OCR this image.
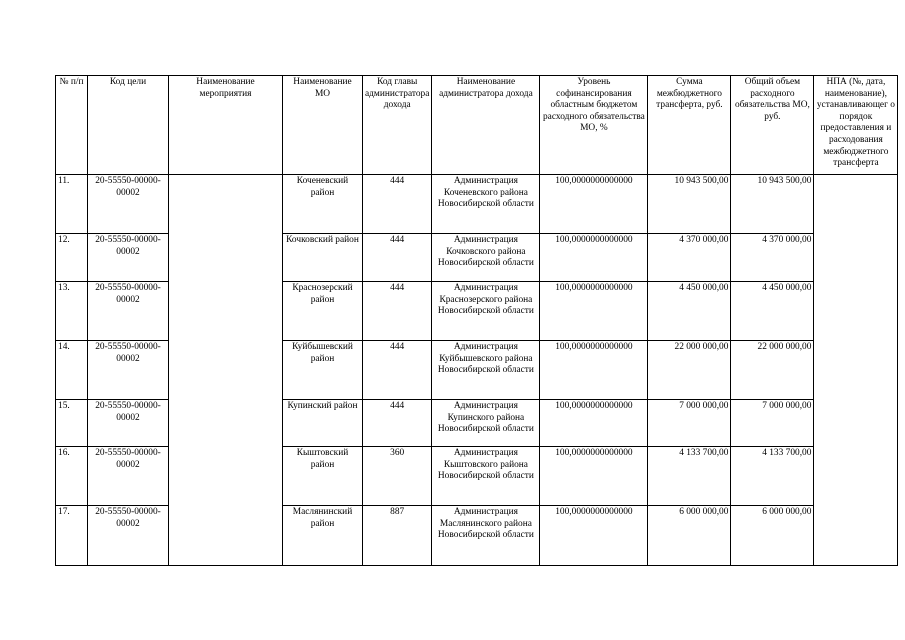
№ п/п	Код цели	Наименование мероприятия	Наименование МО	Код главы администратора дохода	Наименование администратора дохода	Уровень софинансирования областным бюджетом расходного обязательства МО, %	Сумма межбюджетного трансферта, руб.	Общий объем расходного обязательства МО, руб.	НПА (№, дата, наименование), устанавливающег о порядок предоставления и расходования межбюджетного трансферта
11.	20-55550-00000-00002		Коченевский район	444	Администрация Коченевского района Новосибирской области	100,0000000000000	10 943 500,00	10 943 500,00	
12.	20-55550-00000-00002		Кочковский район	444	Администрация Кочковского района Новосибирской области	100,0000000000000	4 370 000,00	4 370 000,00	
13.	20-55550-00000-00002		Краснозерский район	444	Администрация Краснозерского района Новосибирской области	100,0000000000000	4 450 000,00	4 450 000,00	
14.	20-55550-00000-00002		Куйбышевский район	444	Администрация Куйбышевского района Новосибирской области	100,0000000000000	22 000 000,00	22 000 000,00	
15.	20-55550-00000-00002		Купинский район	444	Администрация Купинского района Новосибирской области	100,0000000000000	7 000 000,00	7 000 000,00	
16.	20-55550-00000-00002		Кыштовский район	360	Администрация Кыштовского района Новосибирской области	100,0000000000000	4 133 700,00	4 133 700,00	
17.	20-55550-00000-00002		Маслянинский район	887	Администрация Маслянинского района Новосибирской области	100,0000000000000	6 000 000,00	6 000 000,00	
